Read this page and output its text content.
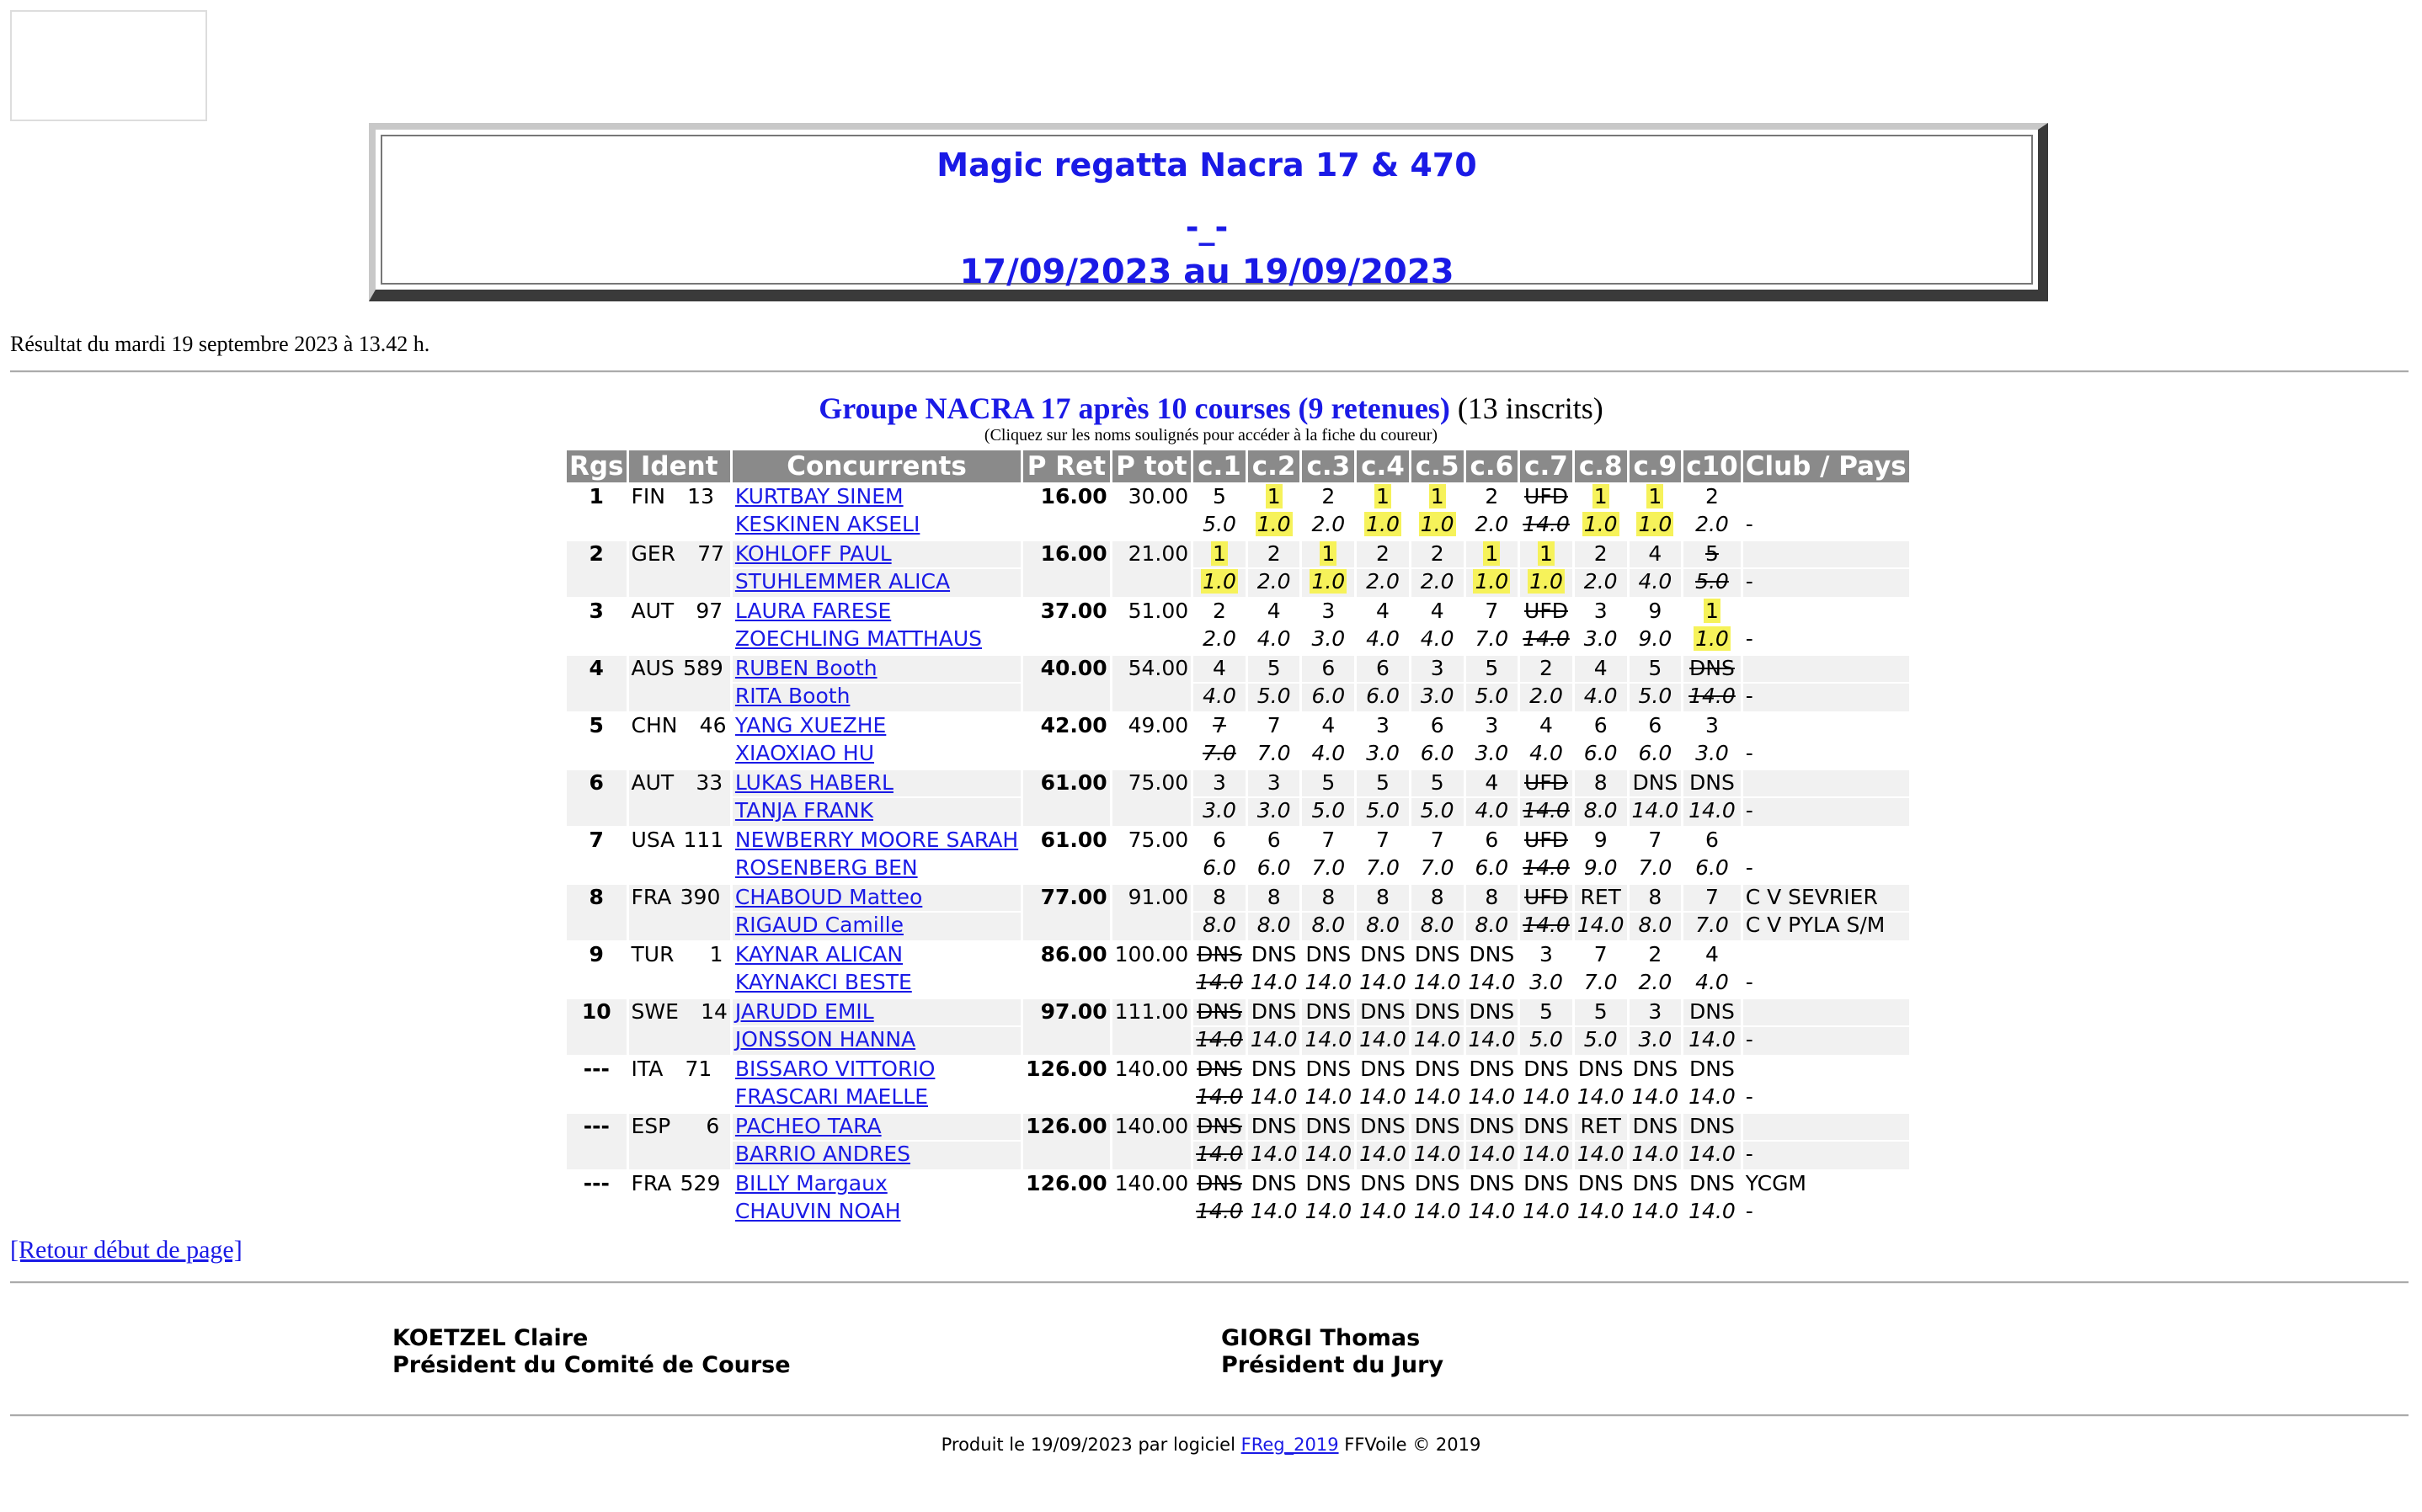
Magic regatta Nacra 17 & 470
-_-
17/09/2023 au 19/09/2023
Résultat du mardi 19 septembre 2023 à 13.42 h.
Groupe NACRA 17 après 10 courses (9 retenues) (13 inscrits)
(Cliquez sur les noms soulignés pour accéder à la fiche du coureur)
Rgs	Ident	Concurrents	P Ret	P tot	c.1	c.2	c.3	c.4	c.5	c.6	c.7	c.8	c.9	c10	Club / Pays
1	FIN 13	KURTBAY SINEM	16.00	30.00	5	1	2	1	1	2	UFD	1	1	2	
		KESKINEN AKSELI			5.0	1.0	2.0	1.0	1.0	2.0	14.0	1.0	1.0	2.0	-
2	GER 77	KOHLOFF PAUL	16.00	21.00	1	2	1	2	2	1	1	2	4	5	
		STUHLEMMER ALICA			1.0	2.0	1.0	2.0	2.0	1.0	1.0	2.0	4.0	5.0	-
3	AUT 97	LAURA FARESE	37.00	51.00	2	4	3	4	4	7	UFD	3	9	1	
		ZOECHLING MATTHAUS			2.0	4.0	3.0	4.0	4.0	7.0	14.0	3.0	9.0	1.0	-
4	AUS 589	RUBEN Booth	40.00	54.00	4	5	6	6	3	5	2	4	5	DNS	
		RITA Booth			4.0	5.0	6.0	6.0	3.0	5.0	2.0	4.0	5.0	14.0	-
5	CHN 46	YANG XUEZHE	42.00	49.00	7	7	4	3	6	3	4	6	6	3	
		XIAOXIAO HU			7.0	7.0	4.0	3.0	6.0	3.0	4.0	6.0	6.0	3.0	-
6	AUT 33	LUKAS HABERL	61.00	75.00	3	3	5	5	5	4	UFD	8	DNS	DNS	
		TANJA FRANK			3.0	3.0	5.0	5.0	5.0	4.0	14.0	8.0	14.0	14.0	-
7	USA 111	NEWBERRY MOORE SARAH	61.00	75.00	6	6	7	7	7	6	UFD	9	7	6	
		ROSENBERG BEN			6.0	6.0	7.0	7.0	7.0	6.0	14.0	9.0	7.0	6.0	-
8	FRA 390	CHABOUD Matteo	77.00	91.00	8	8	8	8	8	8	UFD	RET	8	7	C V SEVRIER
		RIGAUD Camille			8.0	8.0	8.0	8.0	8.0	8.0	14.0	14.0	8.0	7.0	C V PYLA S/M
9	TUR 1	KAYNAR ALICAN	86.00	100.00	DNS	DNS	DNS	DNS	DNS	DNS	3	7	2	4	
		KAYNAKCI BESTE			14.0	14.0	14.0	14.0	14.0	14.0	3.0	7.0	2.0	4.0	-
10	SWE 14	JARUDD EMIL	97.00	111.00	DNS	DNS	DNS	DNS	DNS	DNS	5	5	3	DNS	
		JONSSON HANNA			14.0	14.0	14.0	14.0	14.0	14.0	5.0	5.0	3.0	14.0	-
---	ITA 71	BISSARO VITTORIO	126.00	140.00	DNS	DNS	DNS	DNS	DNS	DNS	DNS	DNS	DNS	DNS	
		FRASCARI MAELLE			14.0	14.0	14.0	14.0	14.0	14.0	14.0	14.0	14.0	14.0	-
---	ESP 6	PACHEO TARA	126.00	140.00	DNS	DNS	DNS	DNS	DNS	DNS	DNS	RET	DNS	DNS	
		BARRIO ANDRES			14.0	14.0	14.0	14.0	14.0	14.0	14.0	14.0	14.0	14.0	-
---	FRA 529	BILLY Margaux	126.00	140.00	DNS	DNS	DNS	DNS	DNS	DNS	DNS	DNS	DNS	DNS	YCGM
		CHAUVIN NOAH			14.0	14.0	14.0	14.0	14.0	14.0	14.0	14.0	14.0	14.0	-
[Retour début de page]
KOETZEL Claire
Président du Comité de Course
GIORGI Thomas
Président du Jury
Produit le 19/09/2023 par logiciel FReg_2019 FFVoile © 2019
